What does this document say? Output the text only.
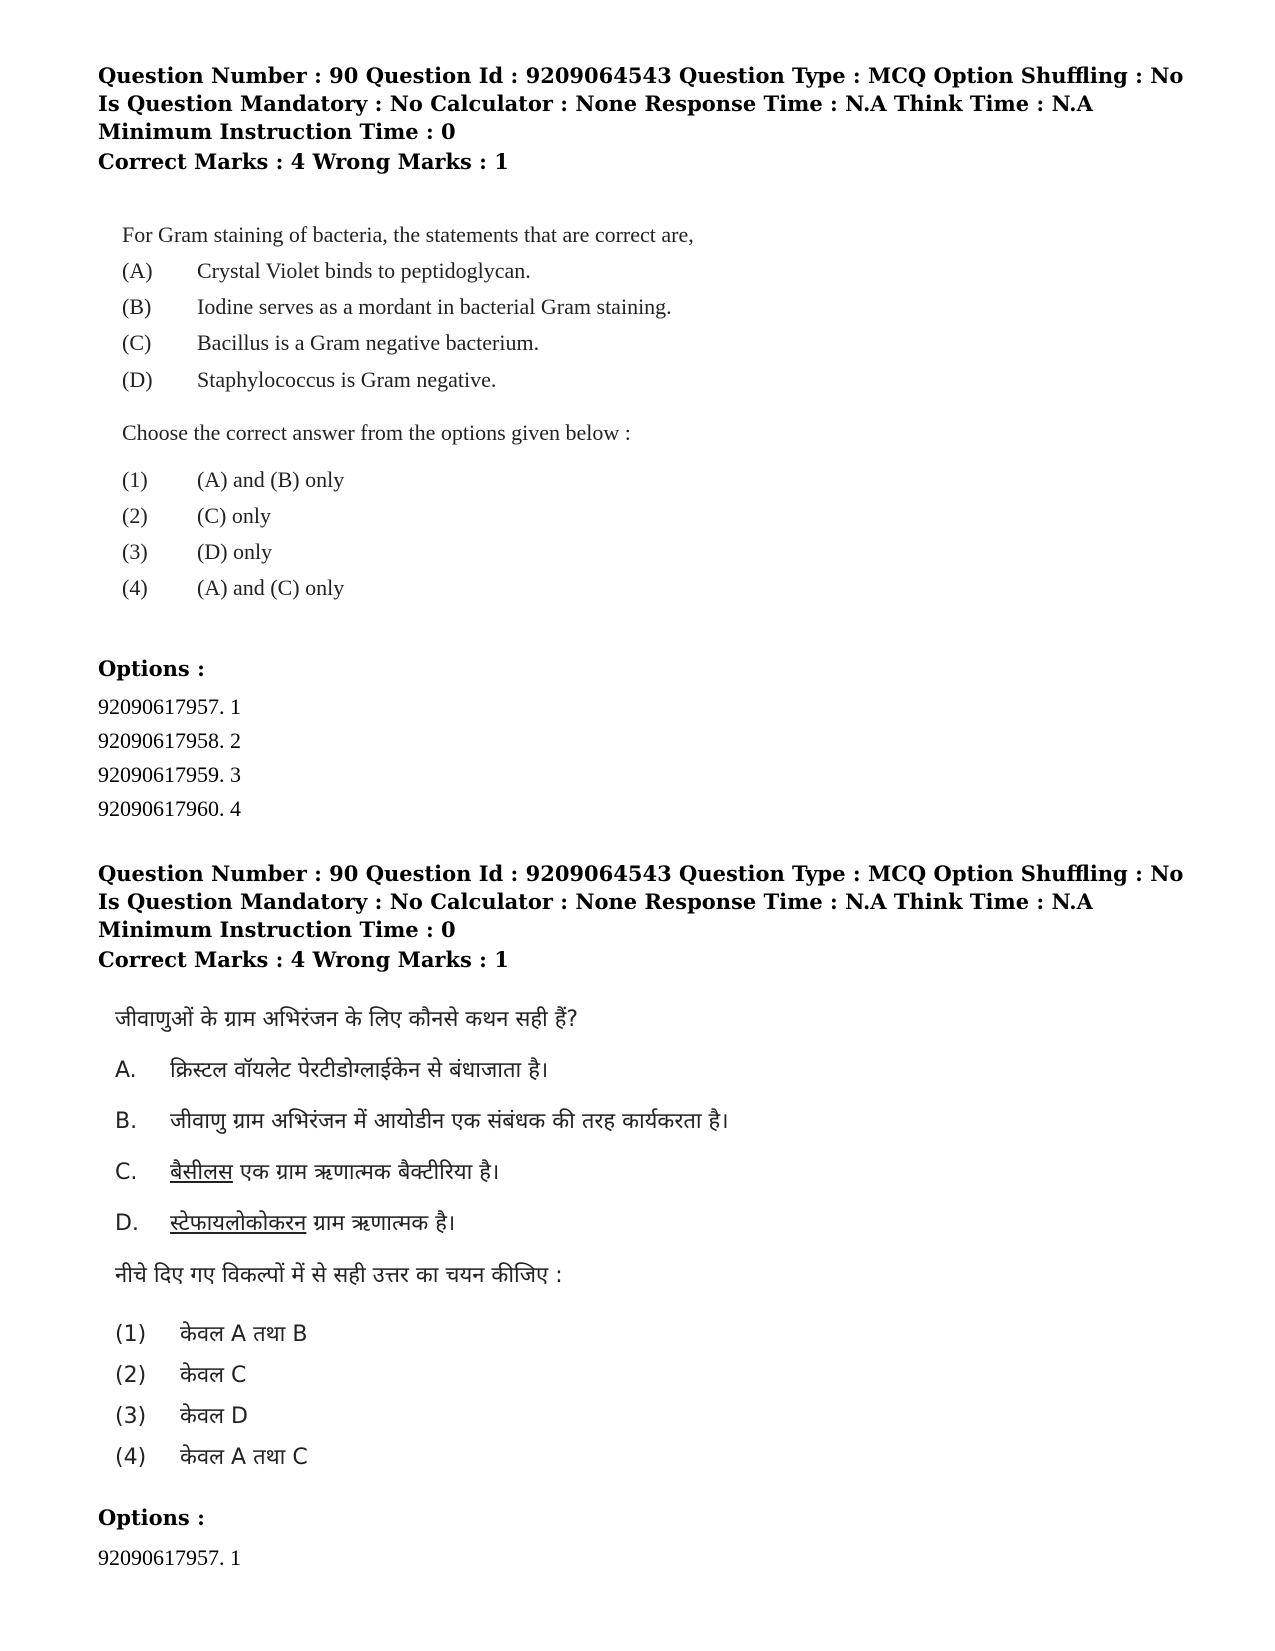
Question Number : 90 Question Id : 9209064543 Question Type : MCQ Option Shuffling : No Is Question Mandatory : No Calculator : None Response Time : N.A Think Time : N.A Minimum Instruction Time : 0

Correct Marks : 4 Wrong Marks : 1

For Gram staining of bacteria, the statements that are correct are,
(A) Crystal Violet binds to peptidoglycan.
(B) Iodine serves as a mordant in bacterial Gram staining.
(C) Bacillus is a Gram negative bacterium.
(D) Staphylococcus is Gram negative.
Choose the correct answer from the options given below :
(1) (A) and (B) only
(2) (C) only
(3) (D) only
(4) (A) and (C) only

Options :

92090617957. 1
92090617958. 2
92090617959. 3
92090617960. 4

Question Number : 90 Question Id : 9209064543 Question Type : MCQ Option Shuffling : No Is Question Mandatory : No Calculator : None Response Time : N.A Think Time : N.A Minimum Instruction Time : 0

Correct Marks : 4 Wrong Marks : 1

जीवाणुओं के ग्राम अभिरंजन के लिए कौनसे कथन सही हैं?
A. क्रिस्टल वॉयलेट पेरटीडोग्लाईकेन से बंधाजाता है।
B. जीवाणु ग्राम अभिरंजन में आयोडीन एक संबंधक की तरह कार्यकरता है।
C. बैसीलस एक ग्राम ऋणात्मक बैक्टीरिया है।
D. स्टेफायलोकोकरन ग्राम ऋणात्मक है।
नीचे दिए गए विकल्पों में से सही उत्तर का चयन कीजिए :
(1) केवल A तथा B
(2) केवल C
(3) केवल D
(4) केवल A तथा C

Options :

92090617957. 1
